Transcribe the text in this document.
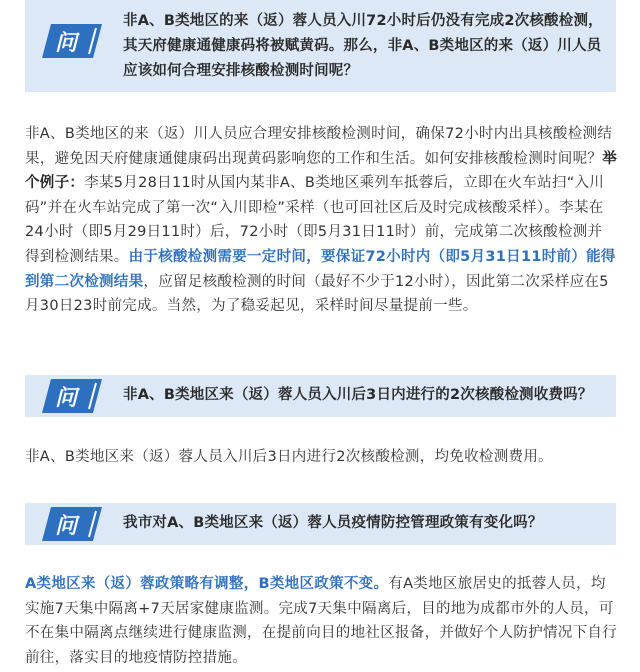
问
非A、B类地区的来（返）蓉人员入川72小时后仍没有完成2次核酸检测，其天府健康通健康码将被赋黄码。那么，非A、B类地区的来（返）川人员应该如何合理安排核酸检测时间呢？

非A、B类地区的来（返）川人员应合理安排核酸检测时间，确保72小时内出具核酸检测结果，避免因天府健康通健康码出现黄码影响您的工作和生活。如何安排核酸检测时间呢？举个例子：李某5月28日11时从国内某非A、B类地区乘列车抵蓉后，立即在火车站扫“入川码”并在火车站完成了第一次“入川即检”采样（也可回社区后及时完成核酸采样）。李某在24小时（即5月29日11时）后，72小时（即5月31日11时）前，完成第二次核酸检测并得到检测结果。由于核酸检测需要一定时间，要保证72小时内（即5月31日11时前）能得到第二次检测结果，应留足核酸检测的时间（最好不少于12小时），因此第二次采样应在5月30日23时前完成。当然，为了稳妥起见，采样时间尽量提前一些。

问	非A、B类地区来（返）蓉人员入川后3日内进行的2次核酸检测收费吗？

非A、B类地区来（返）蓉人员入川后3日内进行2次核酸检测，均免收检测费用。

问	我市对A、B类地区来（返）蓉人员疫情防控管理政策有变化吗？

A类地区来（返）蓉政策略有调整，B类地区政策不变。有A类地区旅居史的抵蓉人员，均实施7天集中隔离+7天居家健康监测。完成7天集中隔离后，目的地为成都市外的人员，可不在集中隔离点继续进行健康监测，在提前向目的地社区报备，并做好个人防护情况下自行前往，落实目的地疫情防控措施。
